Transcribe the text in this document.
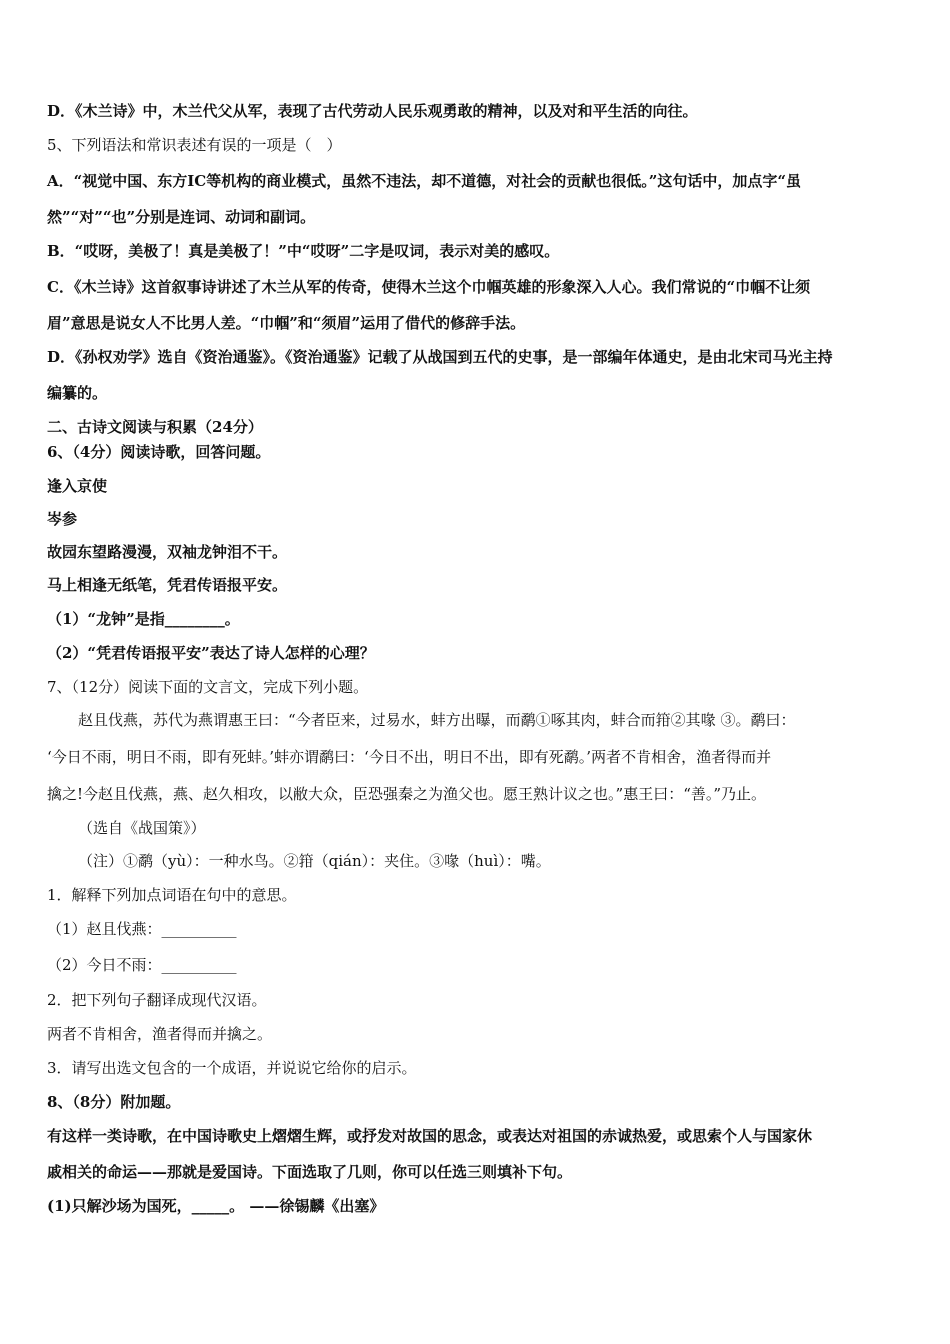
D．《木兰诗》中，木兰代父从军，表现了古代劳动人民乐观勇敢的精神，以及对和平生活的向往。
5、下列语法和常识表述有误的一项是（　）
A．“视觉中国、东方IC等机构的商业模式，虽然不违法，却不道德，对社会的贡献也很低。”这句话中，加点字“虽
然”“对”“也”分别是连词、动词和副词。
B．“哎呀，美极了！真是美极了！”中“哎呀”二字是叹词，表示对美的感叹。
C．《木兰诗》这首叙事诗讲述了木兰从军的传奇，使得木兰这个巾帼英雄的形象深入人心。我们常说的“巾帼不让须
眉”意思是说女人不比男人差。“巾帼”和“须眉”运用了借代的修辞手法。
D．《孙权劝学》选自《资治通鉴》。《资治通鉴》记载了从战国到五代的史事，是一部编年体通史，是由北宋司马光主持
编纂的。
二、古诗文阅读与积累（24分）
6、（4分）阅读诗歌，回答问题。
逢入京使
岑参
故园东望路漫漫，双袖龙钟泪不干。
马上相逢无纸笔，凭君传语报平安。
（1）“龙钟”是指________。
（2）“凭君传语报平安”表达了诗人怎样的心理？
7、（12分）阅读下面的文言文，完成下列小题。
赵且伐燕，苏代为燕谓惠王曰：“今者臣来，过易水，蚌方出曝，而鹬①啄其肉，蚌合而箝②其喙 ③。鹬曰：
‘今日不雨，明日不雨，即有死蚌。’蚌亦谓鹬曰：‘今日不出，明日不出，即有死鹬。’两者不肯相舍，渔者得而并
擒之!今赵且伐燕，燕、赵久相攻，以敝大众，臣恐强秦之为渔父也。愿王熟计议之也。”惠王曰：“善。”乃止。
（选自《战国策》）
（注）①鹬（yù）：一种水鸟。②箝（qián）：夹住。③喙（huì）：嘴。
1．解释下列加点词语在句中的意思。
（1）赵且伐燕：__________
（2）今日不雨：__________
2．把下列句子翻译成现代汉语。
两者不肯相舍，渔者得而并擒之。
3．请写出选文包含的一个成语，并说说它给你的启示。
8、（8分）附加题。
有这样一类诗歌，在中国诗歌史上熠熠生辉，或抒发对故国的思念，或表达对祖国的赤诚热爱，或思索个人与国家休
戚相关的命运——那就是爱国诗。下面选取了几则，你可以任选三则填补下句。
(1)只解沙场为国死，_____。 ——徐锡麟《出塞》
